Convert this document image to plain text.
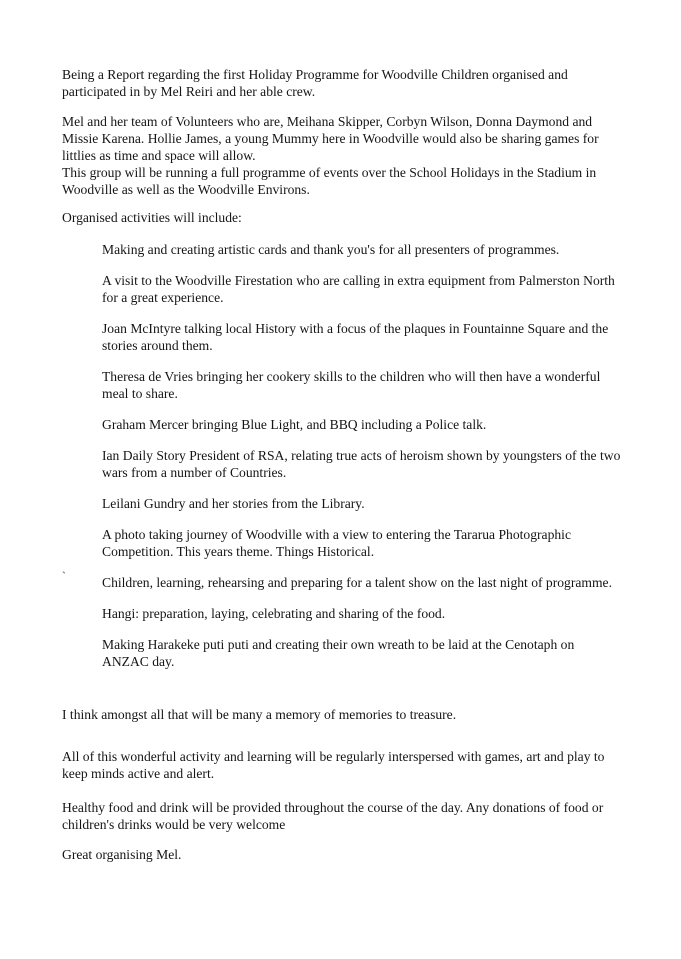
Being a Report regarding the first Holiday Programme for Woodville Children organised and participated in by Mel Reiri and her able crew.

Mel and her team of Volunteers who are, Meihana Skipper, Corbyn Wilson, Donna Daymond and Missie Karena. Hollie James, a young Mummy here in Woodville would also be sharing games for littlies as time and space will allow.
This group will be running a full programme of events over the School Holidays in the Stadium in Woodville as well as the Woodville Environs.

Organised activities will include:

Making and creating artistic cards and thank you's for all presenters of programmes.
A visit to the Woodville Firestation who are calling in extra equipment from Palmerston North for a great experience.
Joan McIntyre talking local History with a focus of the plaques in Fountainne Square and the stories around them.
Theresa de Vries bringing her cookery skills to the children who will then have a wonderful meal to share.
Graham Mercer bringing Blue Light, and BBQ including a Police talk.
Ian Daily Story President of RSA, relating true acts of heroism shown by youngsters of the two wars from a number of Countries.
Leilani Gundry and her stories from the Library.
A photo taking journey of Woodville with a view to entering the Tararua Photographic Competition. This years theme. Things Historical.
Children, learning, rehearsing and preparing for a talent show on the last night of programme.
Hangi: preparation, laying, celebrating and sharing of the food.
Making Harakeke puti puti and creating their own wreath to be laid at the Cenotaph on ANZAC day.
`

I think amongst all that will be many a memory of memories to treasure.

All of this wonderful activity and learning will be regularly interspersed with games, art and play to keep minds active and alert.

Healthy food and drink will be provided throughout the course of the day. Any donations of food or children's drinks would be very welcome

Great organising Mel.
